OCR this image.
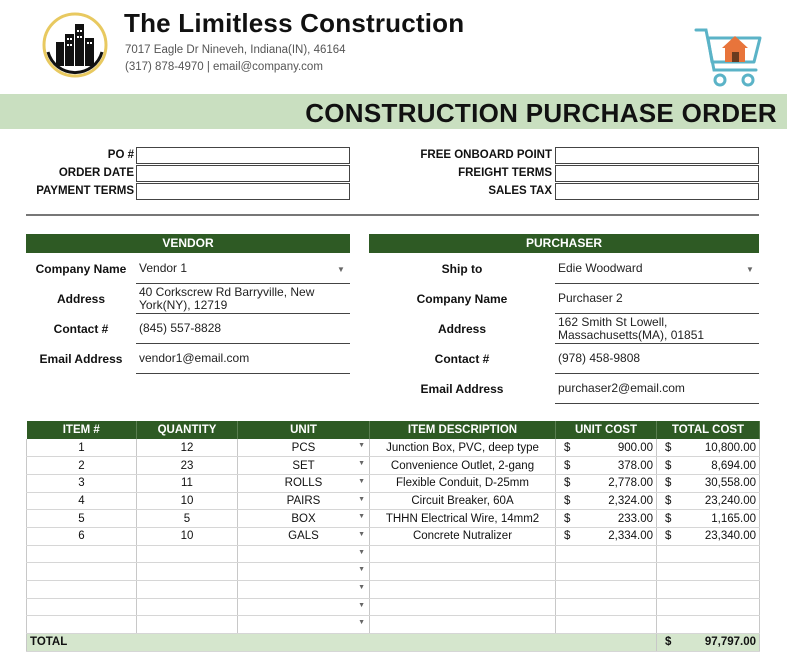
The Limitless Construction
7017 Eagle Dr Nineveh, Indiana(IN), 46164
(317) 878-4970 | email@company.com
CONSTRUCTION PURCHASE ORDER
PO #
ORDER DATE
PAYMENT TERMS
FREE ONBOARD POINT
FREIGHT TERMS
SALES TAX
VENDOR
Company Name	Vendor 1	▼
Address
40 Corkscrew Rd Barryville, New York(NY), 12719
Contact #	(845) 557-8828
Email Address	vendor1@email.com
PURCHASER
Ship to	Edie Woodward	▼
Company Name	Purchaser 2
Address
162 Smith St Lowell, Massachusetts(MA), 01851
Contact #	(978) 458-9808
Email Address	purchaser2@email.com
ITEM #	QUANTITY	UNIT	ITEM DESCRIPTION	UNIT COST	TOTAL COST
1	12	PCS ▼	Junction Box, PVC, deep type	$ 900.00	$ 10,800.00

2	23	SET ▼	Convenience Outlet, 2-gang	$ 378.00	$ 8,694.00

3	11	ROLLS ▼	Flexible Conduit, D-25mm	$ 2,778.00	$ 30,558.00

4	10	PAIRS ▼	Circuit Breaker, 60A	$ 2,324.00	$ 23,240.00

5	5	BOX ▼	THHN Electrical Wire, 14mm2	$ 233.00	$ 1,165.00

6	10	GALS ▼	Concrete Nutralizer	$ 2,334.00	$ 23,340.00

		▼			

		▼			

		▼			

		▼			

		▼			

TOTAL					$ 97,797.00
